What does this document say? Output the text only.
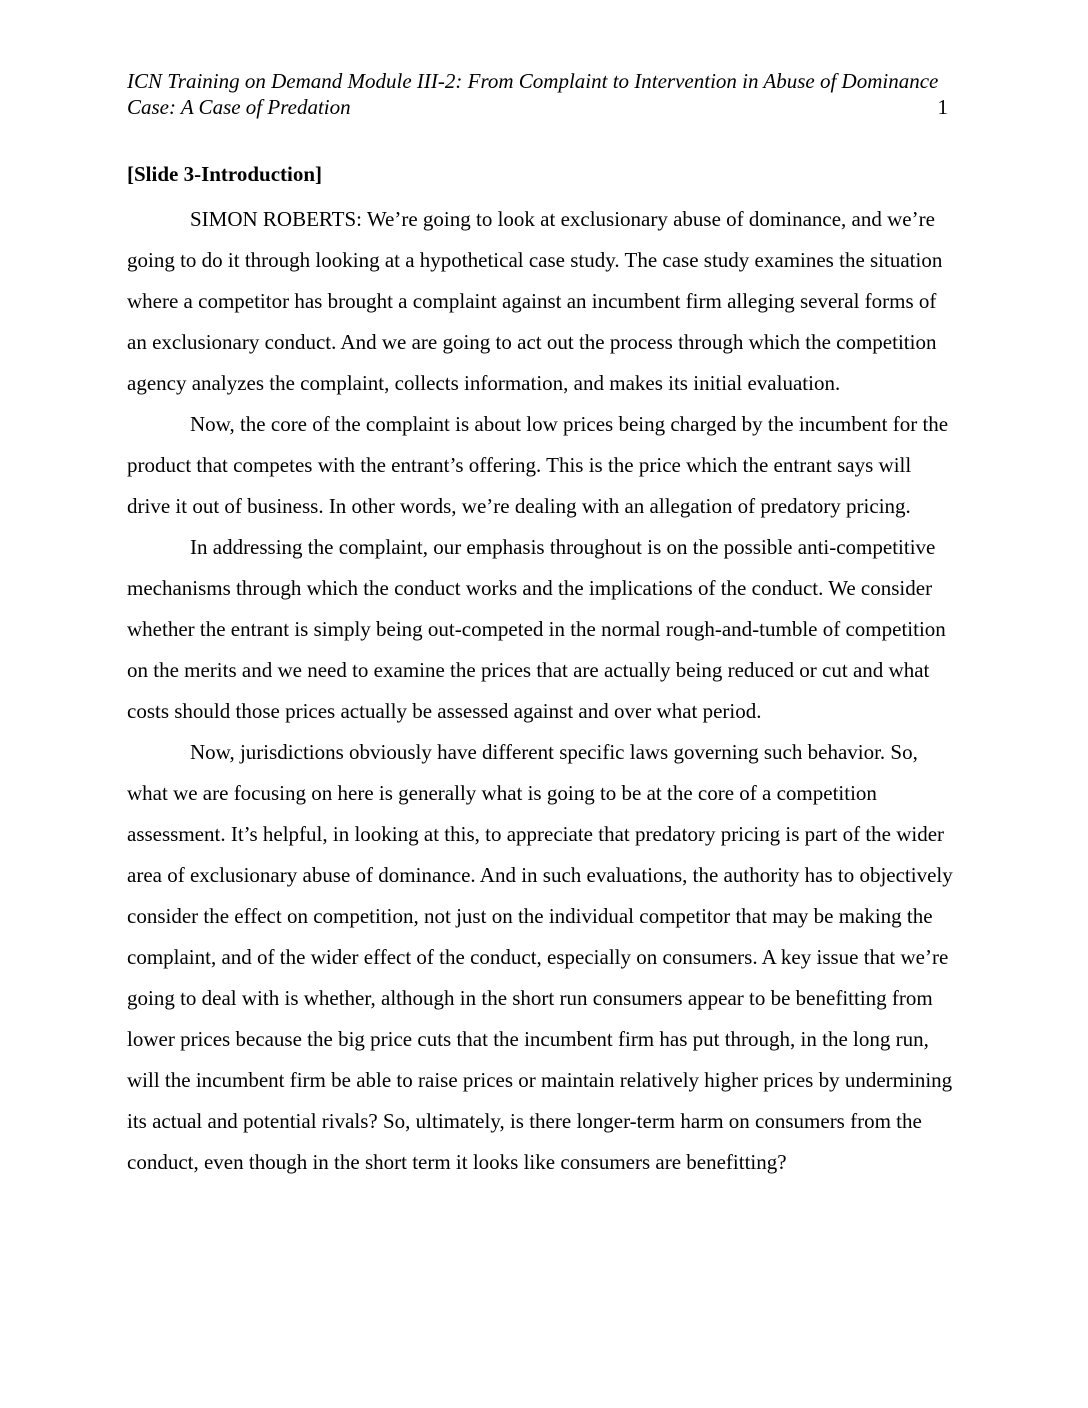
ICN Training on Demand Module III-2: From Complaint to Intervention in Abuse of Dominance
Case: A Case of Predation	1
[Slide 3-Introduction]

SIMON ROBERTS: We’re going to look at exclusionary abuse of dominance, and we’re going to do it through looking at a hypothetical case study. The case study examines the situation where a competitor has brought a complaint against an incumbent firm alleging several forms of an exclusionary conduct. And we are going to act out the process through which the competition agency analyzes the complaint, collects information, and makes its initial evaluation.

Now, the core of the complaint is about low prices being charged by the incumbent for the product that competes with the entrant’s offering. This is the price which the entrant says will drive it out of business. In other words, we’re dealing with an allegation of predatory pricing.

In addressing the complaint, our emphasis throughout is on the possible anti-competitive mechanisms through which the conduct works and the implications of the conduct. We consider whether the entrant is simply being out-competed in the normal rough-and-tumble of competition on the merits and we need to examine the prices that are actually being reduced or cut and what costs should those prices actually be assessed against and over what period.

Now, jurisdictions obviously have different specific laws governing such behavior. So, what we are focusing on here is generally what is going to be at the core of a competition assessment. It’s helpful, in looking at this, to appreciate that predatory pricing is part of the wider area of exclusionary abuse of dominance. And in such evaluations, the authority has to objectively consider the effect on competition, not just on the individual competitor that may be making the complaint, and of the wider effect of the conduct, especially on consumers. A key issue that we’re going to deal with is whether, although in the short run consumers appear to be benefitting from lower prices because the big price cuts that the incumbent firm has put through, in the long run, will the incumbent firm be able to raise prices or maintain relatively higher prices by undermining its actual and potential rivals? So, ultimately, is there longer-term harm on consumers from the conduct, even though in the short term it looks like consumers are benefitting?
